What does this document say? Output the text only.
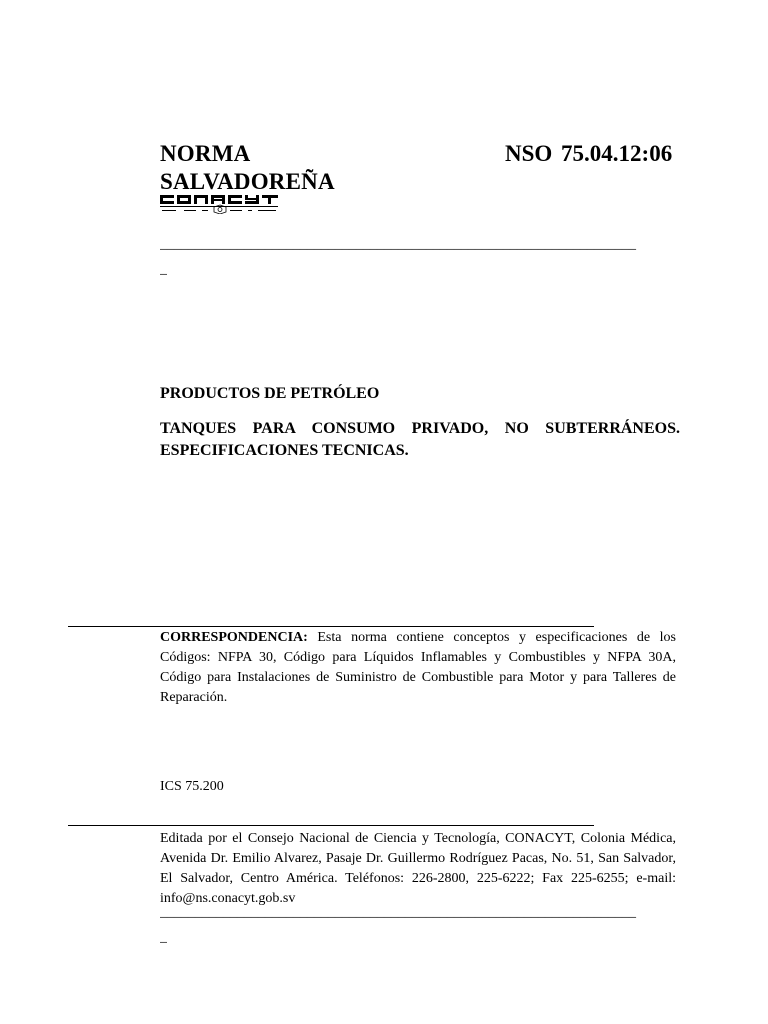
NORMA
SALVADOREÑA
NSO 75.04.12:06
____________________________________________________________________
_
PRODUCTOS DE PETRÓLEO
TANQUES PARA CONSUMO PRIVADO, NO SUBTERRÁNEOS. ESPECIFICACIONES TECNICAS.
CORRESPONDENCIA: Esta norma contiene conceptos y especificaciones de los Códigos: NFPA 30, Código para Líquidos Inflamables y Combustibles y NFPA 30A, Código para Instalaciones de Suministro de Combustible para Motor y para Talleres de Reparación.
ICS 75.200
Editada por el Consejo Nacional de Ciencia y Tecnología, CONACYT, Colonia Médica, Avenida Dr. Emilio Alvarez, Pasaje Dr. Guillermo Rodríguez Pacas, No. 51, San Salvador, El Salvador, Centro América. Teléfonos: 226-2800, 225-6222; Fax 225-6255; e-mail: info@ns.conacyt.gob.sv
____________________________________________________________________
_
